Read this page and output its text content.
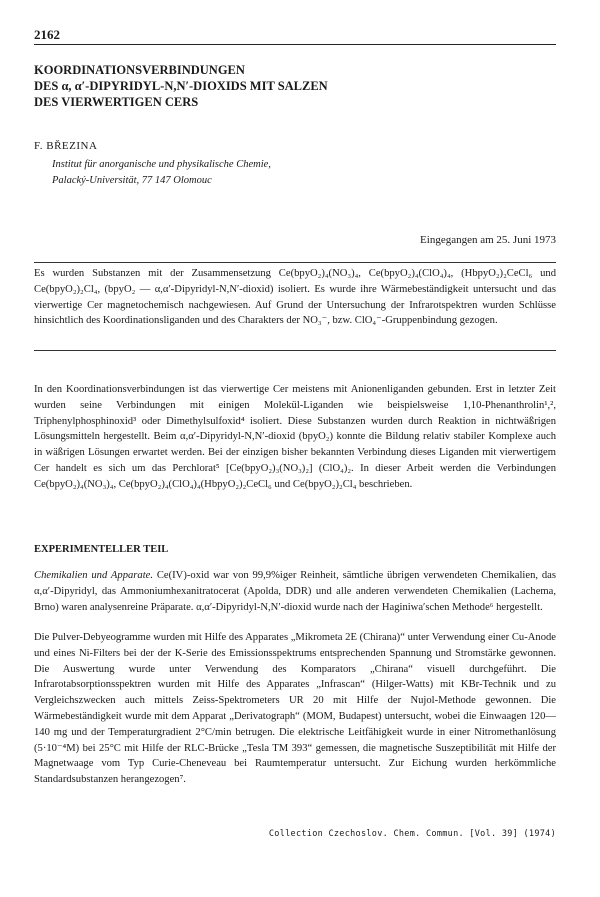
2162
KOORDINATIONSVERBINDUNGEN
DES α, α′-DIPYRIDYL-N,N′-DIOXIDS MIT SALZEN
DES VIERWERTIGEN CERS
F. BŘEZINA
Institut für anorganische und physikalische Chemie,
Palacký-Universität, 77 147 Olomouc
Eingegangen am 25. Juni 1973
Es wurden Substanzen mit der Zusammensetzung Ce(bpyO₂)₄(NO₃)₄, Ce(bpyO₂)₄(ClO₄)₄, (HbpyO₂)₂CeCl₆ und Ce(bpyO₂)₂Cl₄, (bpyO₂ — α,α′-Dipyridyl-N,N′-dioxid) isoliert. Es wurde ihre Wärmebeständigkeit untersucht und das vierwertige Cer magnetochemisch nachgewiesen. Auf Grund der Untersuchung der Infrarotspektren wurden Schlüsse hinsichtlich des Koordinationsliganden und des Charakters der NO₃⁻, bzw. ClO₄⁻-Gruppenbindung gezogen.
In den Koordinationsverbindungen ist das vierwertige Cer meistens mit Anionenliganden gebunden. Erst in letzter Zeit wurden seine Verbindungen mit einigen Molekül-Liganden wie beispielsweise 1,10-Phenanthrolin¹,², Triphenylphosphinoxid³ oder Dimethylsulfoxid⁴ isoliert. Diese Substanzen wurden durch Reaktion in nichtwäßrigen Lösungsmitteln hergestellt. Beim α,α′-Dipyridyl-N,N′-dioxid (bpyO₂) konnte die Bildung relativ stabiler Komplexe auch in wäßrigen Lösungen erwartet werden. Bei der einzigen bisher bekannten Verbindung dieses Liganden mit vierwertigem Cer handelt es sich um das Perchlorat⁵ [Ce(bpyO₂)₃(NO₃)₂] (ClO₄)₂. In dieser Arbeit werden die Verbindungen Ce(bpyO₂)₄(NO₃)₄, Ce(bpyO₂)₄(ClO₄)₄(HbpyO₂)₂CeCl₆ und Ce(bpyO₂)₂Cl₄ beschrieben.
EXPERIMENTELLER TEIL
Chemikalien und Apparate. Ce(IV)-oxid war von 99,9%iger Reinheit, sämtliche übrigen verwendeten Chemikalien, das α,α′-Dipyridyl, das Ammoniumhexanitratocerat (Apolda, DDR) und alle anderen verwendeten Chemikalien (Lachema, Brno) waren analysenreine Präparate. α,α′-Dipyridyl-N,N′-dioxid wurde nach der Haginiwa′schen Methode⁶ hergestellt.
Die Pulver-Debyeogramme wurden mit Hilfe des Apparates „Mikrometa 2E (Chirana)“ unter Verwendung einer Cu-Anode und eines Ni-Filters bei der der K-Serie des Emissionsspektrums entsprechenden Spannung und Stromstärke gewonnen. Die Auswertung wurde unter Verwendung des Komparators „Chirana“ visuell durchgeführt. Die Infrarotabsorptionsspektren wurden mit Hilfe des Apparates „Infrascan“ (Hilger-Watts) mit KBr-Technik und zu Vergleichszwecken auch mittels Zeiss-Spektrometers UR 20 mit Hilfe der Nujol-Methode gewonnen. Die Wärmebeständigkeit wurde mit dem Apparat „Derivatograph“ (MOM, Budapest) untersucht, wobei die Einwaagen 120—140 mg und der Temperaturgradient 2°C/min betrugen. Die elektrische Leitfähigkeit wurde in einer Nitromethanlösung (5·10⁻⁴M) bei 25°C mit Hilfe der RLC-Brücke „Tesla TM 393“ gemessen, die magnetische Suszeptibilität mit Hilfe der Magnetwaage vom Typ Curie-Cheneveau bei Raumtemperatur untersucht. Zur Eichung wurden herkömmliche Standardsubstanzen herangezogen⁷.
Collection Czechoslov. Chem. Commun. [Vol. 39] (1974)
